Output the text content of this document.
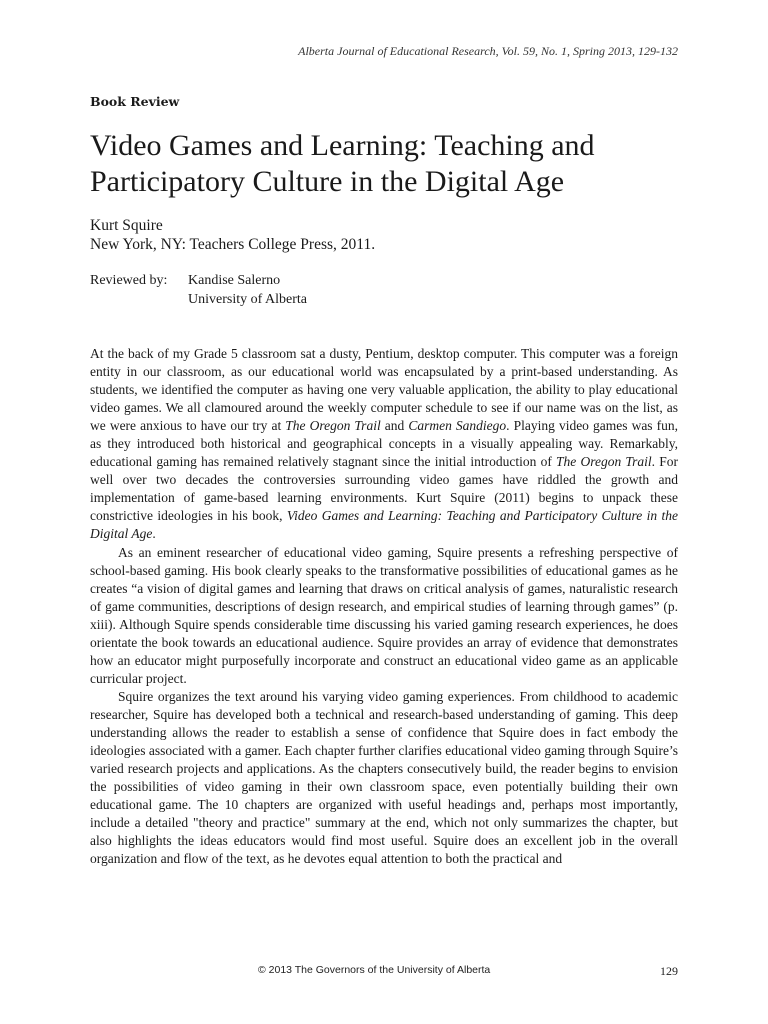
Alberta Journal of Educational Research, Vol. 59, No. 1, Spring 2013, 129-132
Book Review
Video Games and Learning: Teaching and Participatory Culture in the Digital Age
Kurt Squire
New York, NY: Teachers College Press, 2011.
Reviewed by: Kandise Salerno
University of Alberta

At the back of my Grade 5 classroom sat a dusty, Pentium, desktop computer. This computer was a foreign entity in our classroom, as our educational world was encapsulated by a print-based understanding. As students, we identified the computer as having one very valuable application, the ability to play educational video games. We all clamoured around the weekly computer schedule to see if our name was on the list, as we were anxious to have our try at The Oregon Trail and Carmen Sandiego. Playing video games was fun, as they introduced both historical and geographical concepts in a visually appealing way. Remarkably, educational gaming has remained relatively stagnant since the initial introduction of The Oregon Trail. For well over two decades the controversies surrounding video games have riddled the growth and implementation of game-based learning environments. Kurt Squire (2011) begins to unpack these constrictive ideologies in his book, Video Games and Learning: Teaching and Participatory Culture in the Digital Age.

As an eminent researcher of educational video gaming, Squire presents a refreshing perspective of school-based gaming. His book clearly speaks to the transformative possibilities of educational games as he creates “a vision of digital games and learning that draws on critical analysis of games, naturalistic research of game communities, descriptions of design research, and empirical studies of learning through games” (p. xiii). Although Squire spends considerable time discussing his varied gaming research experiences, he does orientate the book towards an educational audience. Squire provides an array of evidence that demonstrates how an educator might purposefully incorporate and construct an educational video game as an applicable curricular project.

Squire organizes the text around his varying video gaming experiences. From childhood to academic researcher, Squire has developed both a technical and research-based understanding of gaming. This deep understanding allows the reader to establish a sense of confidence that Squire does in fact embody the ideologies associated with a gamer. Each chapter further clarifies educational video gaming through Squire’s varied research projects and applications. As the chapters consecutively build, the reader begins to envision the possibilities of video gaming in their own classroom space, even potentially building their own educational game. The 10 chapters are organized with useful headings and, perhaps most importantly, include a detailed "theory and practice" summary at the end, which not only summarizes the chapter, but also highlights the ideas educators would find most useful. Squire does an excellent job in the overall organization and flow of the text, as he devotes equal attention to both the practical and

© 2013 The Governors of the University of Alberta	129
